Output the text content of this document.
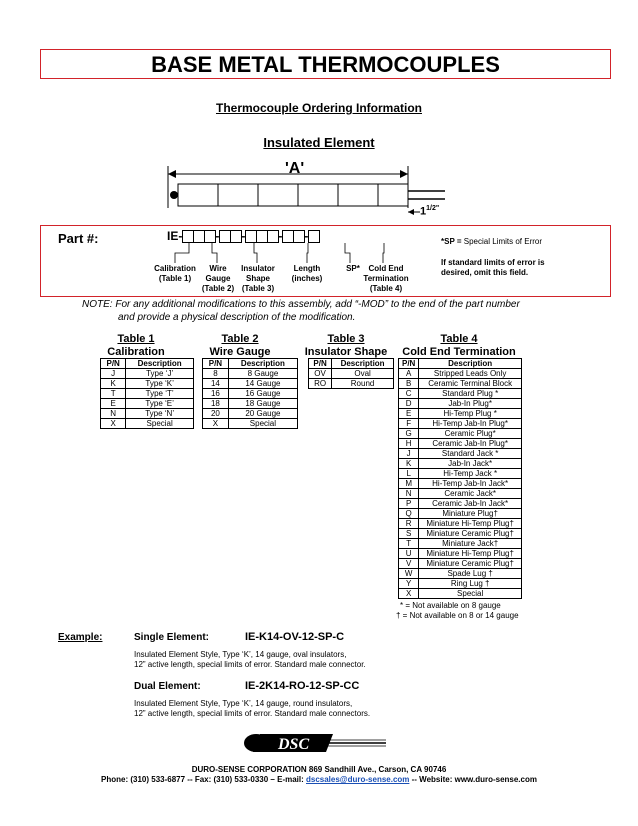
BASE METAL THERMOCOUPLES
Thermocouple Ordering Information
Insulated Element
'A'
$1^{1/2"}$
Part #:	IE-	- -	- -	*SP = Special Limits of Error
If standard limits of error is desired, omit this field.
Calibration
(Table 1)
Wire
Gauge
(Table 2)
Insulator
Shape
(Table 3)
Length
(inches)
SP*	Cold End
Termination
(Table 4)
NOTE: For any additional modifications to this assembly, add “-MOD” to the end of the part number
and provide a physical description of the modification.
Table 1
Calibration
Table 2
Wire Gauge
Table 3
Insulator Shape
Table 4
Cold End Termination
P/N	Description
J	Type ‘J’
K	Type ‘K’
T	Type ‘T’
E	Type ‘E’
N	Type ‘N’
X	Special
P/N	Description
8	8 Gauge
14	14 Gauge
16	16 Gauge
18	18 Gauge
20	20 Gauge
X	Special
P/N	Description
OV	Oval
RO	Round
P/N	Description
A	Stripped Leads Only
B	Ceramic Terminal Block
C	Standard Plug *
D	Jab-In Plug*
E	Hi-Temp Plug *
F	Hi-Temp Jab-In Plug*
G	Ceramic Plug*
H	Ceramic Jab-In Plug*
J	Standard Jack *
K	Jab-In Jack*
L	Hi-Temp Jack *
M	Hi-Temp Jab-In Jack*
N	Ceramic Jack*
P	Ceramic Jab-In Jack*
Q	Miniature Plug†
R	Miniature Hi-Temp Plug†
S	Miniature Ceramic Plug†
T	Miniature Jack†
U	Miniature Hi-Temp Plug†
V	Miniature Ceramic Plug†
W	Spade Lug †
Y	Ring Lug †
X	Special
* = Not available on 8 gauge
† = Not available on 8 or 14 gauge
Example:	Single Element:	IE-K14-OV-12-SP-C
Insulated Element Style, Type ‘K’, 14 gauge, oval insulators,
12” active length, special limits of error. Standard male connector.
Dual Element:	IE-2K14-RO-12-SP-CC
Insulated Element Style, Type ‘K’, 14 gauge, round insulators,
12” active length, special limits of error. Standard male connectors.
DSC
DURO-SENSE CORPORATION 869 Sandhill Ave., Carson, CA 90746
Phone: (310) 533-6877 -- Fax: (310) 533-0330 – E-mail: dscsales@duro-sense.com -- Website: www.duro-sense.com
